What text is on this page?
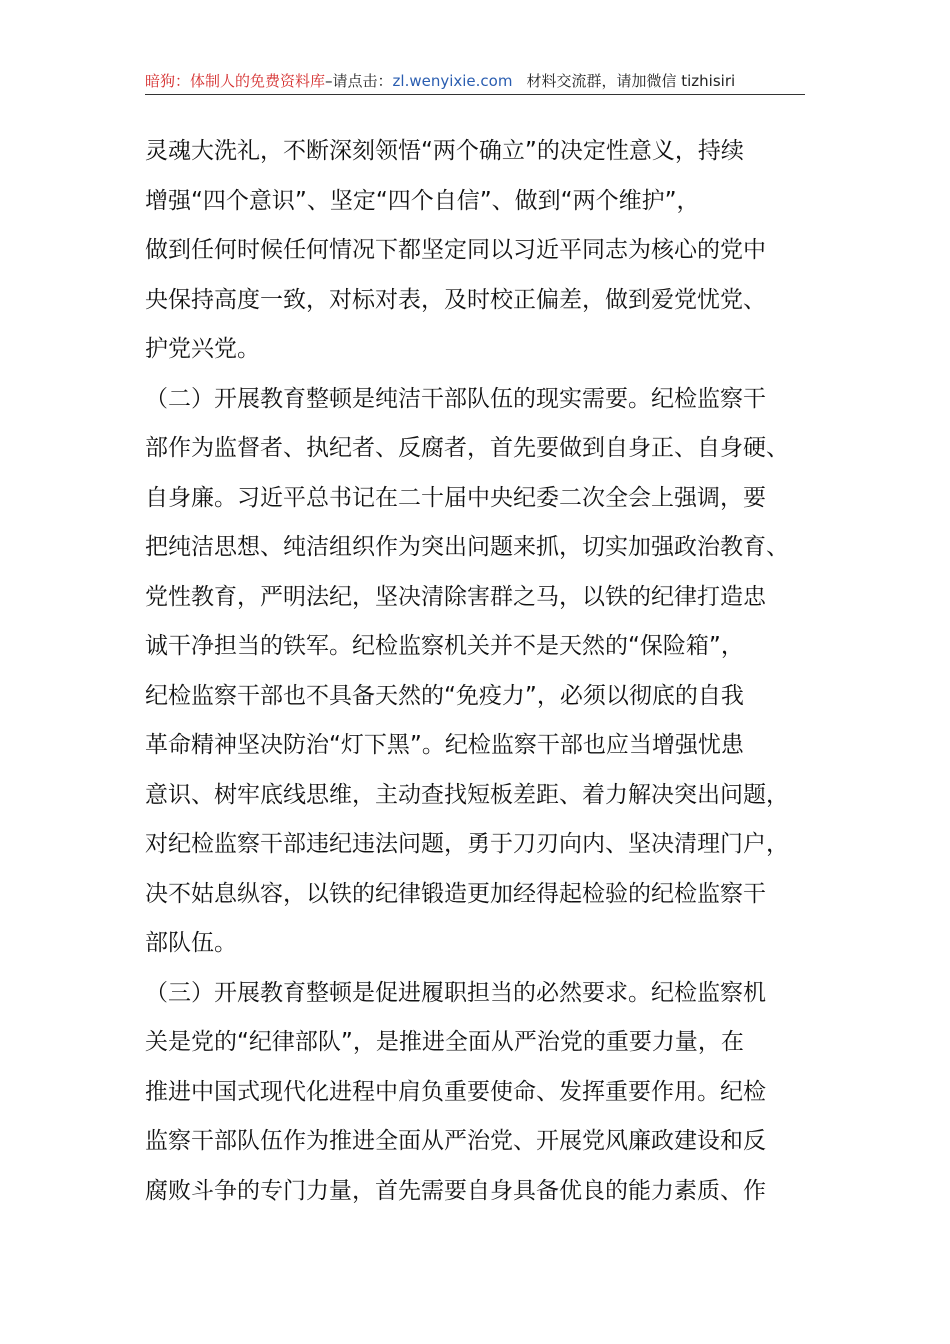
暗狗：体制人的免费资料库–请点击：zl.wenyixie.com 材料交流群，请加微信 tizhisiri
灵魂大洗礼，不断深刻领悟“两个确立”的决定性意义，持续
增强“四个意识”、坚定“四个自信”、做到“两个维护”，
做到任何时候任何情况下都坚定同以习近平同志为核心的党中
央保持高度一致，对标对表，及时校正偏差，做到爱党忧党、
护党兴党。
（二）开展教育整顿是纯洁干部队伍的现实需要。纪检监察干
部作为监督者、执纪者、反腐者，首先要做到自身正、自身硬、
自身廉。习近平总书记在二十届中央纪委二次全会上强调，要
把纯洁思想、纯洁组织作为突出问题来抓，切实加强政治教育、
党性教育，严明法纪，坚决清除害群之马，以铁的纪律打造忠
诚干净担当的铁军。纪检监察机关并不是天然的“保险箱”，
纪检监察干部也不具备天然的“免疫力”，必须以彻底的自我
革命精神坚决防治“灯下黑”。纪检监察干部也应当增强忧患
意识、树牢底线思维，主动查找短板差距、着力解决突出问题，
对纪检监察干部违纪违法问题，勇于刀刃向内、坚决清理门户，
决不姑息纵容，以铁的纪律锻造更加经得起检验的纪检监察干
部队伍。
（三）开展教育整顿是促进履职担当的必然要求。纪检监察机
关是党的“纪律部队”，是推进全面从严治党的重要力量，在
推进中国式现代化进程中肩负重要使命、发挥重要作用。纪检
监察干部队伍作为推进全面从严治党、开展党风廉政建设和反
腐败斗争的专门力量，首先需要自身具备优良的能力素质、作
